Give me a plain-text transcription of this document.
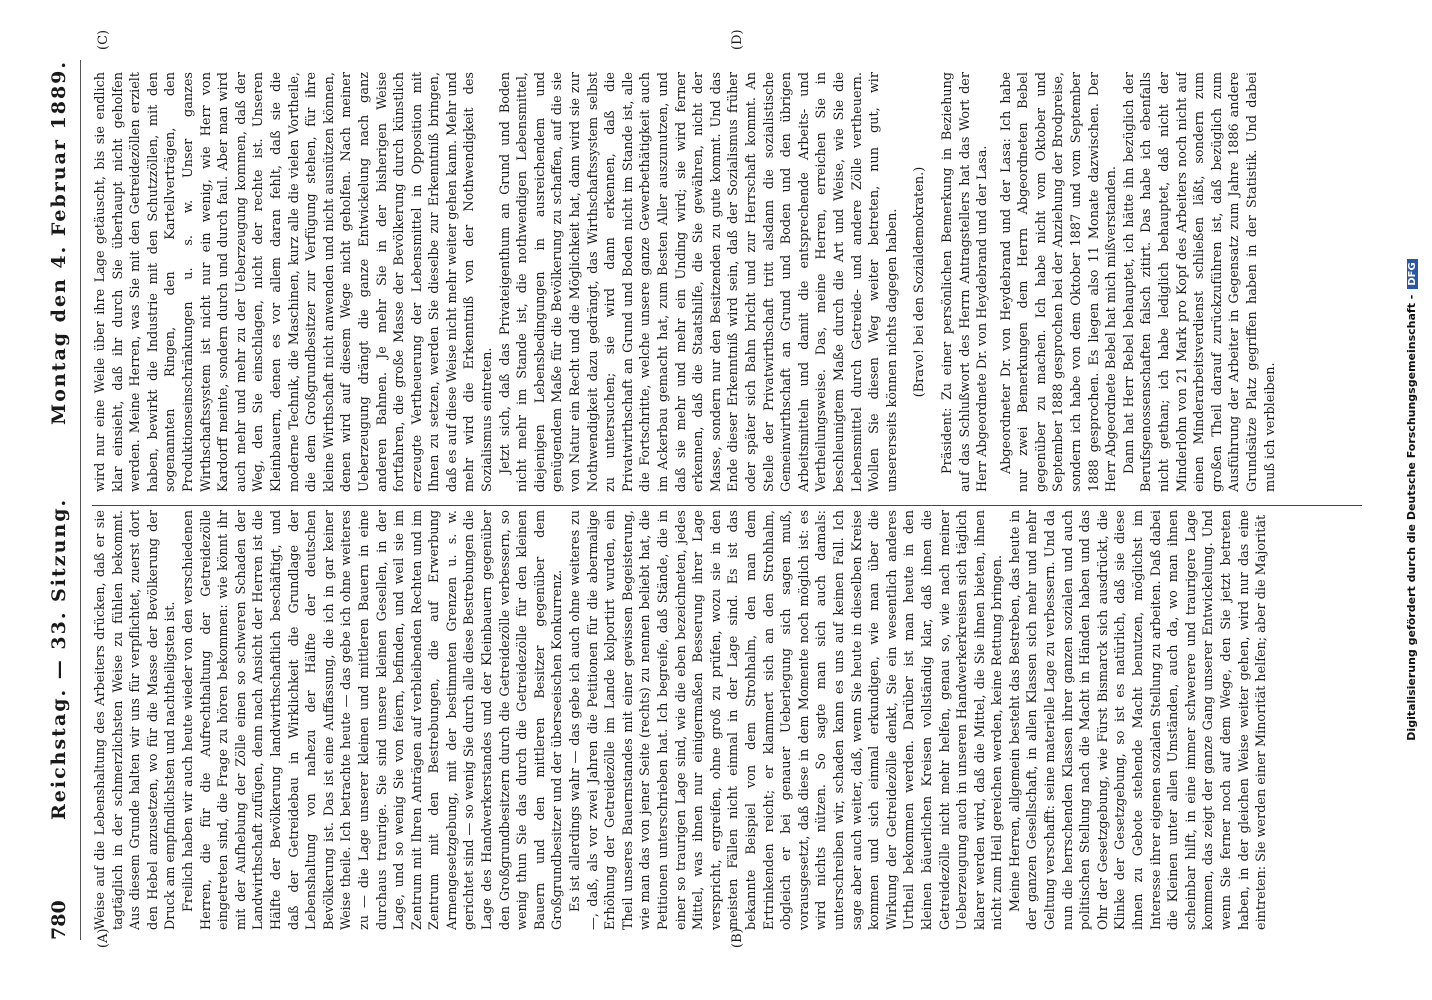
780
Reichstag. — 33. Sitzung.
Montag den 4. Februar 1889.
(A)	(B)
(C)	(D)

Weise auf die Lebenshaltung des Arbeiters drücken, daß er sie tagtäglich in der schmerzlichsten Weise zu fühlen bekommt. Aus diesem Grunde halten wir uns für verpflichtet, zuerst dort den Hebel anzusetzen, wo für die Masse der Bevölkerung der Druck am empfindlichsten und nachtheiligsten ist. Freilich haben wir auch heute wieder von den verschiedenen Herren, die für die Aufrechthaltung der Getreidezölle eingetreten sind, die Frage zu hören bekommen: wie könnt ihr mit der Aufhebung der Zölle einen so schweren Schaden der Landwirthschaft zufügen, denn nach Ansicht der Herren ist die Hälfte der Bevölkerung landwirthschaftlich beschäftigt, und daß der Getreidebau in Wirklichkeit die Grundlage der Lebenshaltung von nahezu der Hälfte der deutschen Bevölkerung ist. Das ist eine Auffassung, die ich in gar keiner Weise theile. Ich betrachte heute — das gebe ich ohne weiteres zu — die Lage unserer kleinen und mittleren Bauern in eine durchaus traurige. Sie sind unsere kleinen Gesellen, in der Lage, und so wenig Sie von feiern, befinden, und weil sie im Zentrum mit Ihren Anträgen auf verbleibenden Rechten und im Zentrum mit den Bestrebungen, die auf Erwerbung Armengesetzgebung, mit der bestimmten Grenzen u. s. w. gerichtet sind — so wenig Sie durch alle diese Bestrebungen die Lage des Handwerkerstandes und der Kleinbauern gegenüber den Großgrundbesitzern durch die Getreidezölle verbessern, so wenig thun Sie das durch die Getreidezölle für den kleinen Bauern und den mittleren Besitzer gegenüber dem Großgrundbesitzer und der überseeischen Konkurrenz. Es ist allerdings wahr — das gebe ich auch ohne weiteres zu —, daß, als vor zwei Jahren die Petitionen für die abermalige Erhöhung der Getreidezölle im Lande kolportirt wurden, ein Theil unseres Bauernstandes mit einer gewissen Begeisterung, wie man das von jener Seite (rechts) zu nennen beliebt hat, die Petitionen unterschrieben hat. Ich begreife, daß Stände, die in einer so traurigen Lage sind, wie die eben bezeichneten, jedes Mittel, was ihnen nur einigermaßen Besserung ihrer Lage verspricht, ergreifen, ohne groß zu prüfen, wozu sie in den meisten Fällen nicht einmal in der Lage sind. Es ist das bekannte Beispiel von dem Strohhalm, den man dem Ertrinkenden reicht; er klammert sich an den Strohhalm, obgleich er bei genauer Ueberlegung sich sagen muß, vorausgesetzt, daß diese in dem Momente noch möglich ist: es wird nichts nützen. So sagte man sich auch damals: unterschreiben wir, schaden kann es uns auf keinen Fall. Ich sage aber auch weiter, daß, wenn Sie heute in dieselben Kreise kommen und sich einmal erkundigen, wie man über die Wirkung der Getreidezölle denkt, Sie ein wesentlich anderes Urtheil bekommen werden. Darüber ist man heute in den kleinen bäuerlichen Kreisen vollständig klar, daß ihnen die Getreidezölle nicht mehr helfen, genau so, wie nach meiner Ueberzeugung auch in unseren Handwerkerkreisen sich täglich klarer werden wird, daß die Mittel, die Sie ihnen bieten, ihnen nicht zum Heil gereichen werden, keine Rettung bringen. Meine Herren, allgemein besteht das Bestreben, das heute in der ganzen Gesellschaft, in allen Klassen sich mehr und mehr Geltung verschafft: seine materielle Lage zu verbessern. Und da nun die herrschenden Klassen ihrer ganzen sozialen und auch politischen Stellung nach die Macht in Händen haben und das Ohr der Gesetzgebung, wie Fürst Bismarck sich ausdrückt, die Klinke der Gesetzgebung, so ist es natürlich, daß sie diese ihnen zu Gebote stehende Macht benutzen, möglichst im Interesse ihrer eigenen sozialen Stellung zu arbeiten. Daß dabei die Kleinen unter allen Umständen, auch da, wo man ihnen scheinbar hilft, in eine immer schwerere und traurigere Lage kommen, das zeigt der ganze Gang unserer Entwickelung. Und wenn Sie ferner noch auf dem Wege, den Sie jetzt betreten haben, in der gleichen Weise weiter gehen, wird nur das eine eintreten: Sie werden einer Minorität helfen; aber die Majorität

wird nur eine Weile über ihre Lage getäuscht, bis sie endlich klar einsieht, daß ihr durch Sie überhaupt nicht geholfen werden. Meine Herren, was Sie mit den Getreidezöllen erzielt haben, bewirkt die Industrie mit den Schutzzöllen, mit den sogenannten Ringen, den Kartellverträgen, den Produktionseinschränkungen u. s. w. Unser ganzes Wirthschaftssystem ist nicht nur ein wenig, wie Herr von Kardorff meinte, sondern durch und durch faul. Aber man wird auch mehr und mehr zu der Ueberzeugung kommen, daß der Weg, den Sie einschlagen, nicht der rechte ist. Unseren Kleinbauern, denen es vor allem daran fehlt, daß sie die moderne Technik, die Maschinen, kurz alle die vielen Vortheile, die dem Großgrundbesitzer zur Verfügung stehen, für ihre kleine Wirthschaft nicht anwenden und nicht ausnützen können, denen wird auf diesem Wege nicht geholfen. Nach meiner Ueberzeugung drängt die ganze Entwickelung nach ganz anderen Bahnen. Je mehr Sie in der bisherigen Weise fortfahren, die große Masse der Bevölkerung durch künstlich erzeugte Vertheuerung der Lebensmittel in Opposition mit Ihnen zu setzen, werden Sie dieselbe zur Erkenntniß bringen, daß es auf diese Weise nicht mehr weiter gehen kann. Mehr und mehr wird die Erkenntniß von der Nothwendigkeit des Sozialismus eintreten. Jetzt sich, daß das Privateigenthum an Grund und Boden nicht mehr im Stande ist, die nothwendigen Lebensmittel, diejenigen Lebensbedingungen in ausreichendem und genügendem Maße für die Bevölkerung zu schaffen, auf die sie von Natur ein Recht und die Möglichkeit hat, dann wird sie zur Nothwendigkeit dazu gedrängt, das Wirthschaftssystem selbst zu untersuchen; sie wird dann erkennen, daß die Privatwirthschaft an Grund und Boden nicht im Stande ist, alle die Fortschritte, welche unsere ganze Gewerbethätigkeit auch im Ackerbau gemacht hat, zum Besten Aller auszunutzen, und daß sie mehr und mehr ein Unding wird; sie wird ferner erkennen, daß die Staatshilfe, die Sie gewähren, nicht der Masse, sondern nur den Besitzenden zu gute kommt. Und das Ende dieser Erkenntniß wird sein, daß der Sozialismus früher oder später sich Bahn bricht und zur Herrschaft kommt. An Stelle der Privatwirthschaft tritt alsdann die sozialistische Gemeinwirthschaft an Grund und Boden und den übrigen Arbeitsmitteln und damit die entsprechende Arbeits- und Vertheilungsweise. Das, meine Herren, erreichen Sie in beschleunigtem Maße durch die Art und Weise, wie Sie die Lebensmittel durch Getreide- und andere Zölle vertheuern. Wollen Sie diesen Weg weiter betreten, nun gut, wir unsererseits können nichts dagegen haben. (Bravo! bei den Sozialdemokraten.) Präsident: Zu einer persönlichen Bemerkung in Beziehung auf das Schlußwort des Herrn Antragstellers hat das Wort der Herr Abgeordnete Dr. von Heydebrand und der Lasa. Abgeordneter Dr. von Heydebrand und der Lasa: Ich habe nur zwei Bemerkungen dem Herrn Abgeordneten Bebel gegenüber zu machen. Ich habe nicht vom Oktober und September 1888 gesprochen bei der Anziehung der Brodpreise, sondern ich habe von dem Oktober 1887 und vom September 1888 gesprochen. Es liegen also 11 Monate dazwischen. Der Herr Abgeordnete Bebel hat mich mißverstanden. Dann hat Herr Bebel behauptet, ich hätte ihn bezüglich der Berufsgenossenschaften falsch zitirt. Das habe ich ebenfalls nicht gethan; ich habe lediglich behauptet, daß nicht der Minderlohn von 21 Mark pro Kopf des Arbeiters noch nicht auf einen Minderarbeitsverdienst schließen läßt, sondern zum großen Theil darauf zurückzuführen ist, daß bezüglich zum Ausführung der Arbeiter in Gegensatz zum Jahre 1886 andere Grundsätze Platz gegriffen haben in der Statistik. Und dabei muß ich verbleiben.	Digitalisierung gefördert durch die Deutsche Forschungsgemeinschaft -DFG
